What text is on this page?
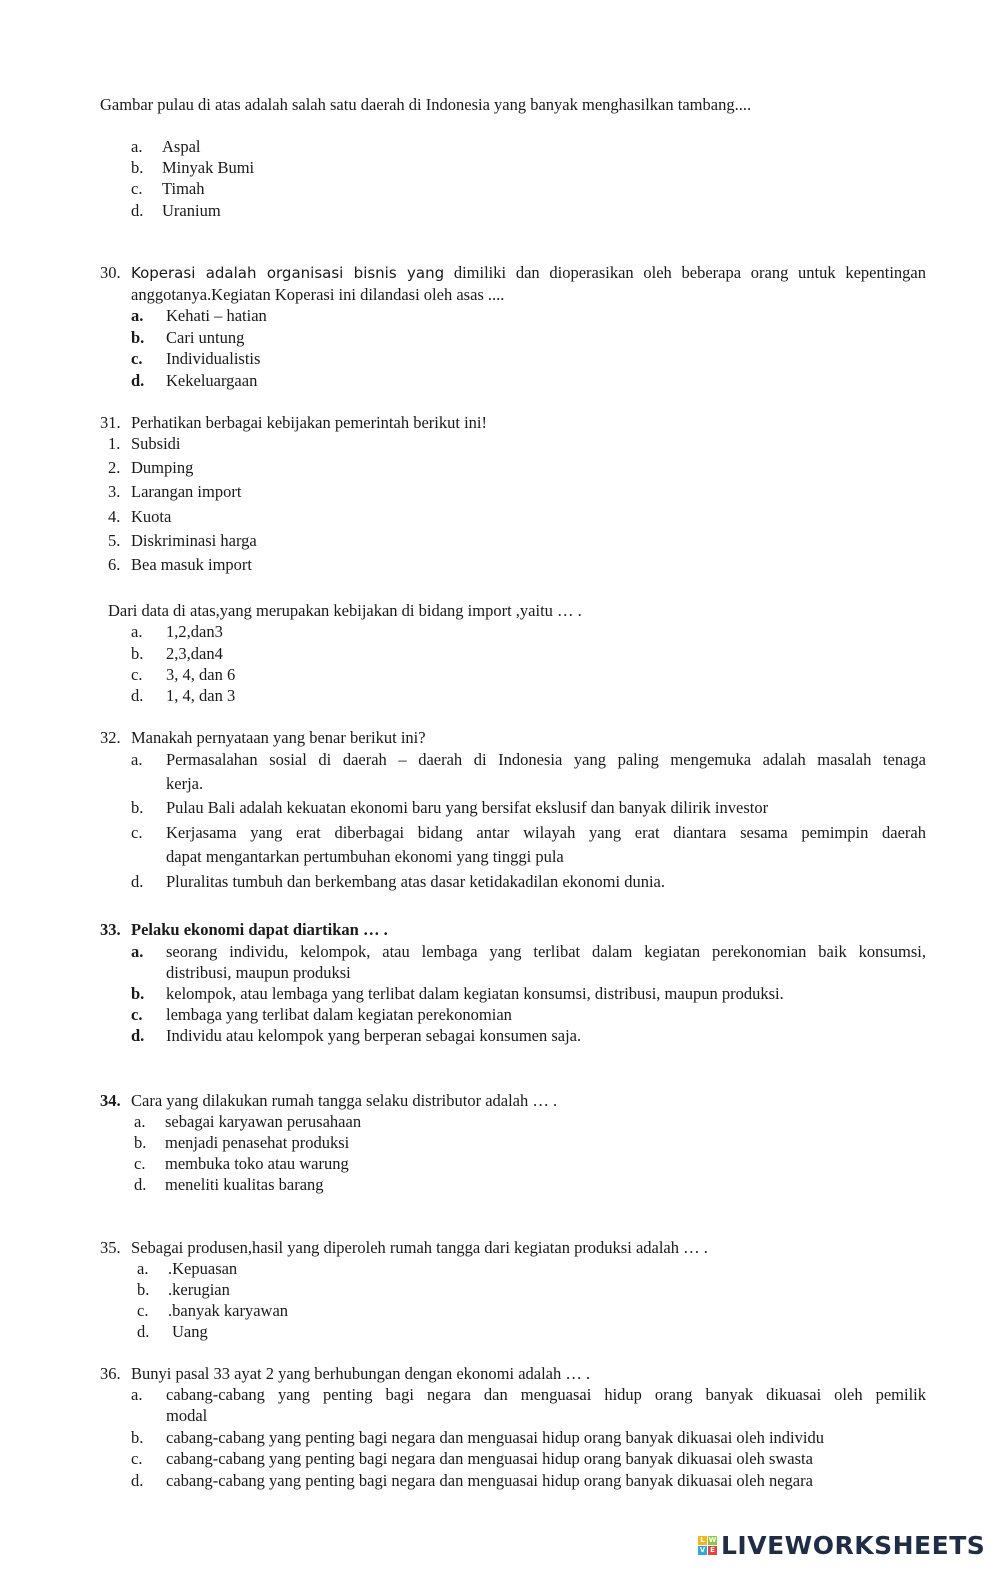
Gambar pulau di atas adalah salah satu daerah di Indonesia yang banyak menghasilkan tambang....
a. Aspal
b. Minyak Bumi
c. Timah
d. Uranium
30. Koperasi adalah organisasi bisnis yang dimiliki dan dioperasikan oleh beberapa orang untuk kepentingan
anggotanya.Kegiatan Koperasi ini dilandasi oleh asas ....
a. Kehati – hatian
b. Cari untung
c. Individualistis
d. Kekeluargaan
31. Perhatikan berbagai kebijakan pemerintah berikut ini!
1. Subsidi
2. Dumping
3. Larangan import
4. Kuota
5. Diskriminasi harga
6. Bea masuk import
Dari data di atas,yang merupakan kebijakan di bidang import ,yaitu … .
a. 1,2,dan3
b. 2,3,dan4
c. 3, 4, dan 6
d. 1, 4, dan 3
32. Manakah pernyataan yang benar berikut ini?
a. Permasalahan sosial di daerah – daerah di Indonesia yang paling mengemuka adalah masalah tenaga
kerja.
b. Pulau Bali adalah kekuatan ekonomi baru yang bersifat ekslusif dan banyak dilirik investor
c. Kerjasama yang erat diberbagai bidang antar wilayah yang erat diantara sesama pemimpin daerah
dapat mengantarkan pertumbuhan ekonomi yang tinggi pula
d. Pluralitas tumbuh dan berkembang atas dasar ketidakadilan ekonomi dunia.
33. Pelaku ekonomi dapat diartikan … .
a. seorang individu, kelompok, atau lembaga yang terlibat dalam kegiatan perekonomian baik konsumsi,
distribusi, maupun produksi
b. kelompok, atau lembaga yang terlibat dalam kegiatan konsumsi, distribusi, maupun produksi.
c. lembaga yang terlibat dalam kegiatan perekonomian
d. Individu atau kelompok yang berperan sebagai konsumen saja.
34. Cara yang dilakukan rumah tangga selaku distributor adalah … .
a. sebagai karyawan perusahaan
b. menjadi penasehat produksi
c. membuka toko atau warung
d. meneliti kualitas barang
35. Sebagai produsen,hasil yang diperoleh rumah tangga dari kegiatan produksi adalah … .
a. .Kepuasan
b. .kerugian
c. .banyak karyawan
d. Uang
36. Bunyi pasal 33 ayat 2 yang berhubungan dengan ekonomi adalah … .
a. cabang-cabang yang penting bagi negara dan menguasai hidup orang banyak dikuasai oleh pemilik
modal
b. cabang-cabang yang penting bagi negara dan menguasai hidup orang banyak dikuasai oleh individu
c. cabang-cabang yang penting bagi negara dan menguasai hidup orang banyak dikuasai oleh swasta
d. cabang-cabang yang penting bagi negara dan menguasai hidup orang banyak dikuasai oleh negara
L W
V E LIVEWORKSHEETS
